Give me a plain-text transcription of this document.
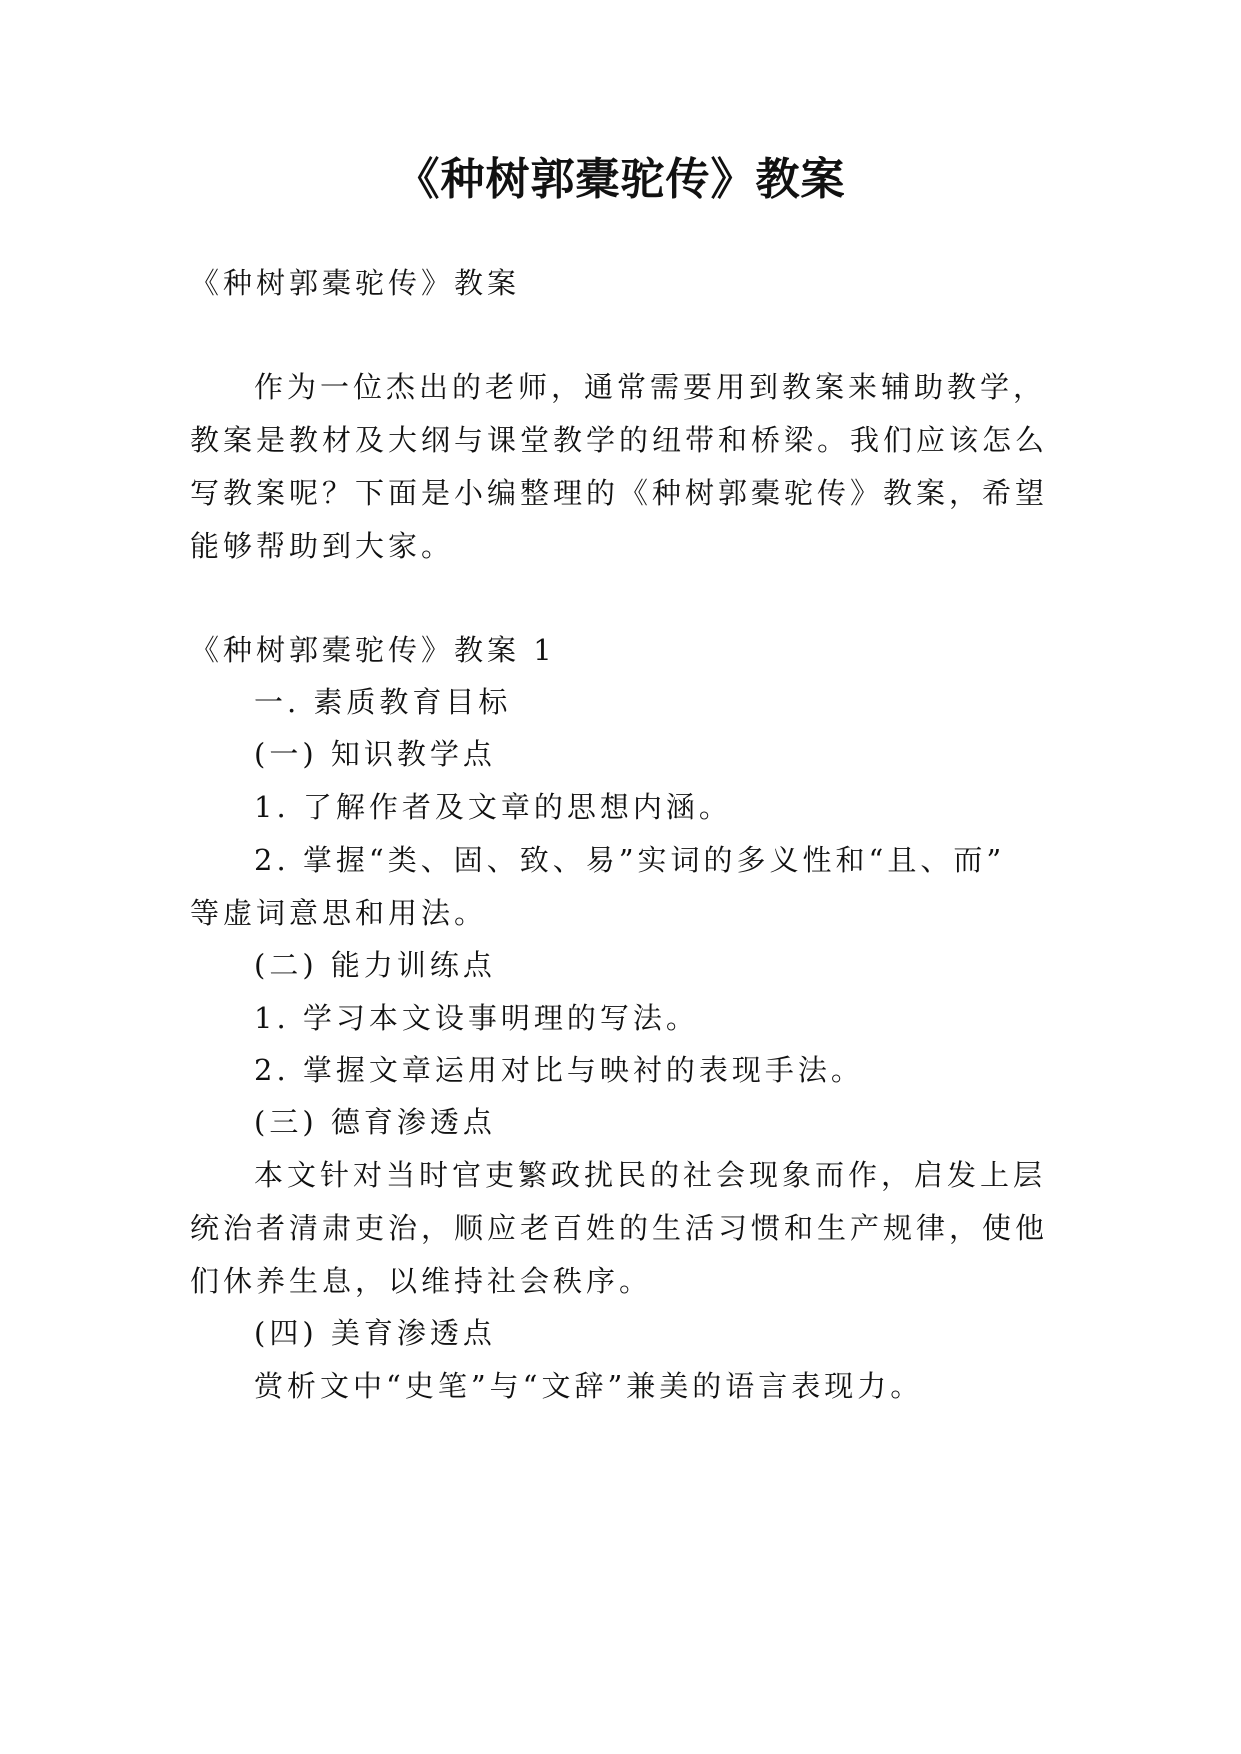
《种树郭橐驼传》教案

《种树郭橐驼传》教案

作为一位杰出的老师，通常需要用到教案来辅助教学，

教案是教材及大纲与课堂教学的纽带和桥梁。我们应该怎么

写教案呢？下面是小编整理的《种树郭橐驼传》教案，希望

能够帮助到大家。

《种树郭橐驼传》教案 1

一. 素质教育目标

(一) 知识教学点

1. 了解作者及文章的思想内涵。

2. 掌握“类、固、致、易”实词的多义性和“且、而”

等虚词意思和用法。

(二) 能力训练点

1. 学习本文设事明理的写法。

2. 掌握文章运用对比与映衬的表现手法。

(三) 德育渗透点

本文针对当时官吏繁政扰民的社会现象而作，启发上层

统治者清肃吏治，顺应老百姓的生活习惯和生产规律，使他

们休养生息，以维持社会秩序。

(四) 美育渗透点

赏析文中“史笔”与“文辞”兼美的语言表现力。
